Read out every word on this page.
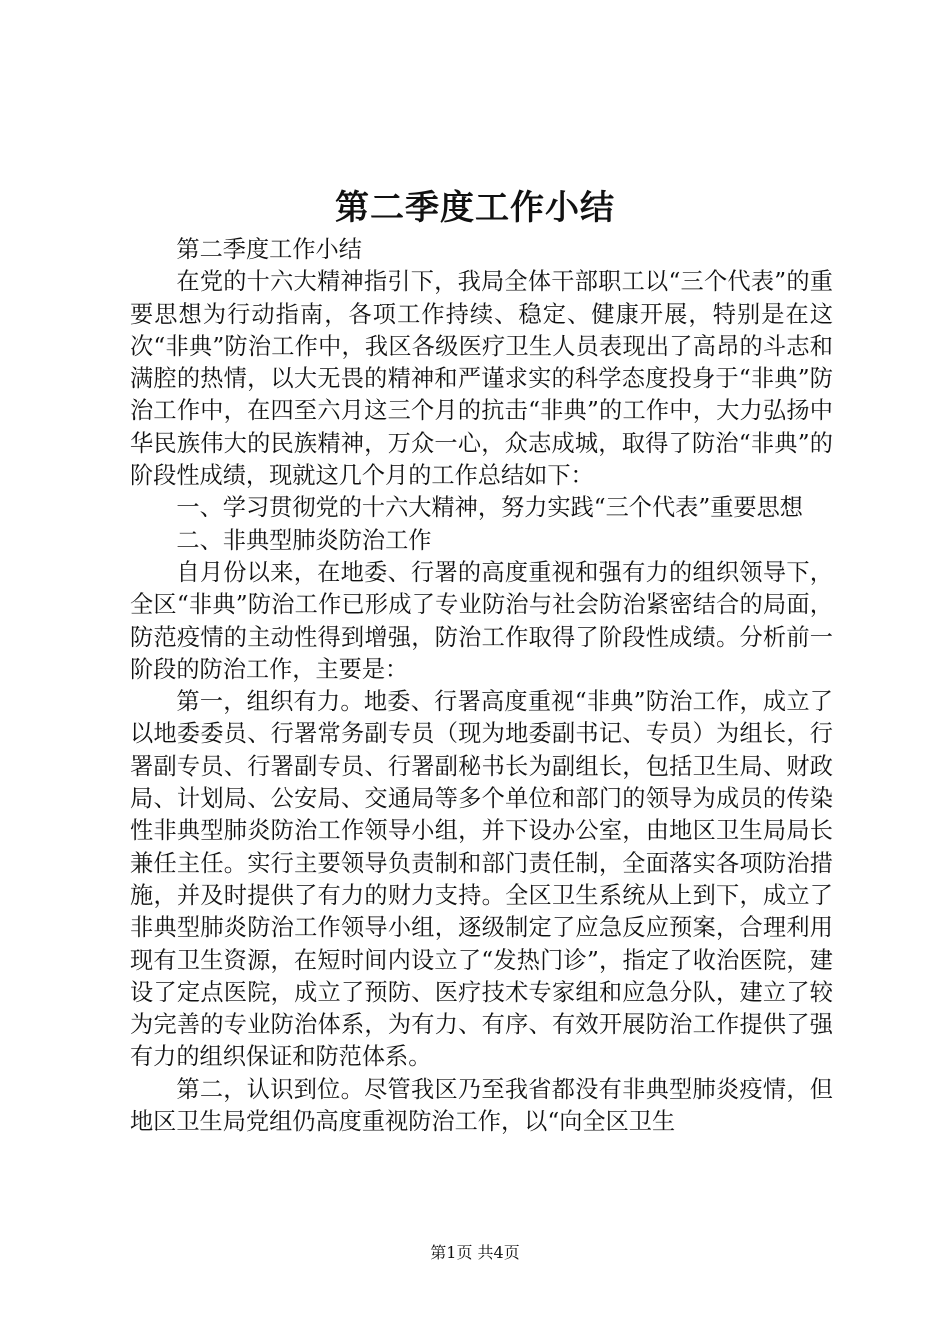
第二季度工作小结

第二季度工作小结

在党的十六大精神指引下，我局全体干部职工以“三个代表”的重要思想为行动指南，各项工作持续、稳定、健康开展，特别是在这次“非典”防治工作中，我区各级医疗卫生人员表现出了高昂的斗志和满腔的热情，以大无畏的精神和严谨求实的科学态度投身于“非典”防治工作中，在四至六月这三个月的抗击“非典”的工作中，大力弘扬中华民族伟大的民族精神，万众一心，众志成城，取得了防治“非典”的阶段性成绩，现就这几个月的工作总结如下：

一、学习贯彻党的十六大精神，努力实践“三个代表”重要思想

二、非典型肺炎防治工作

自月份以来，在地委、行署的高度重视和强有力的组织领导下，全区“非典”防治工作已形成了专业防治与社会防治紧密结合的局面，防范疫情的主动性得到增强，防治工作取得了阶段性成绩。分析前一阶段的防治工作，主要是：

第一，组织有力。地委、行署高度重视“非典”防治工作，成立了以地委委员、行署常务副专员（现为地委副书记、专员）为组长，行署副专员、行署副专员、行署副秘书长为副组长，包括卫生局、财政局、计划局、公安局、交通局等多个单位和部门的领导为成员的传染性非典型肺炎防治工作领导小组，并下设办公室，由地区卫生局局长兼任主任。实行主要领导负责制和部门责任制，全面落实各项防治措施，并及时提供了有力的财力支持。全区卫生系统从上到下，成立了非典型肺炎防治工作领导小组，逐级制定了应急反应预案，合理利用现有卫生资源，在短时间内设立了“发热门诊”，指定了收治医院，建设了定点医院，成立了预防、医疗技术专家组和应急分队，建立了较为完善的专业防治体系，为有力、有序、有效开展防治工作提供了强有力的组织保证和防范体系。

第二，认识到位。尽管我区乃至我省都没有非典型肺炎疫情，但地区卫生局党组仍高度重视防治工作，以“向全区卫生

第1页 共4页
